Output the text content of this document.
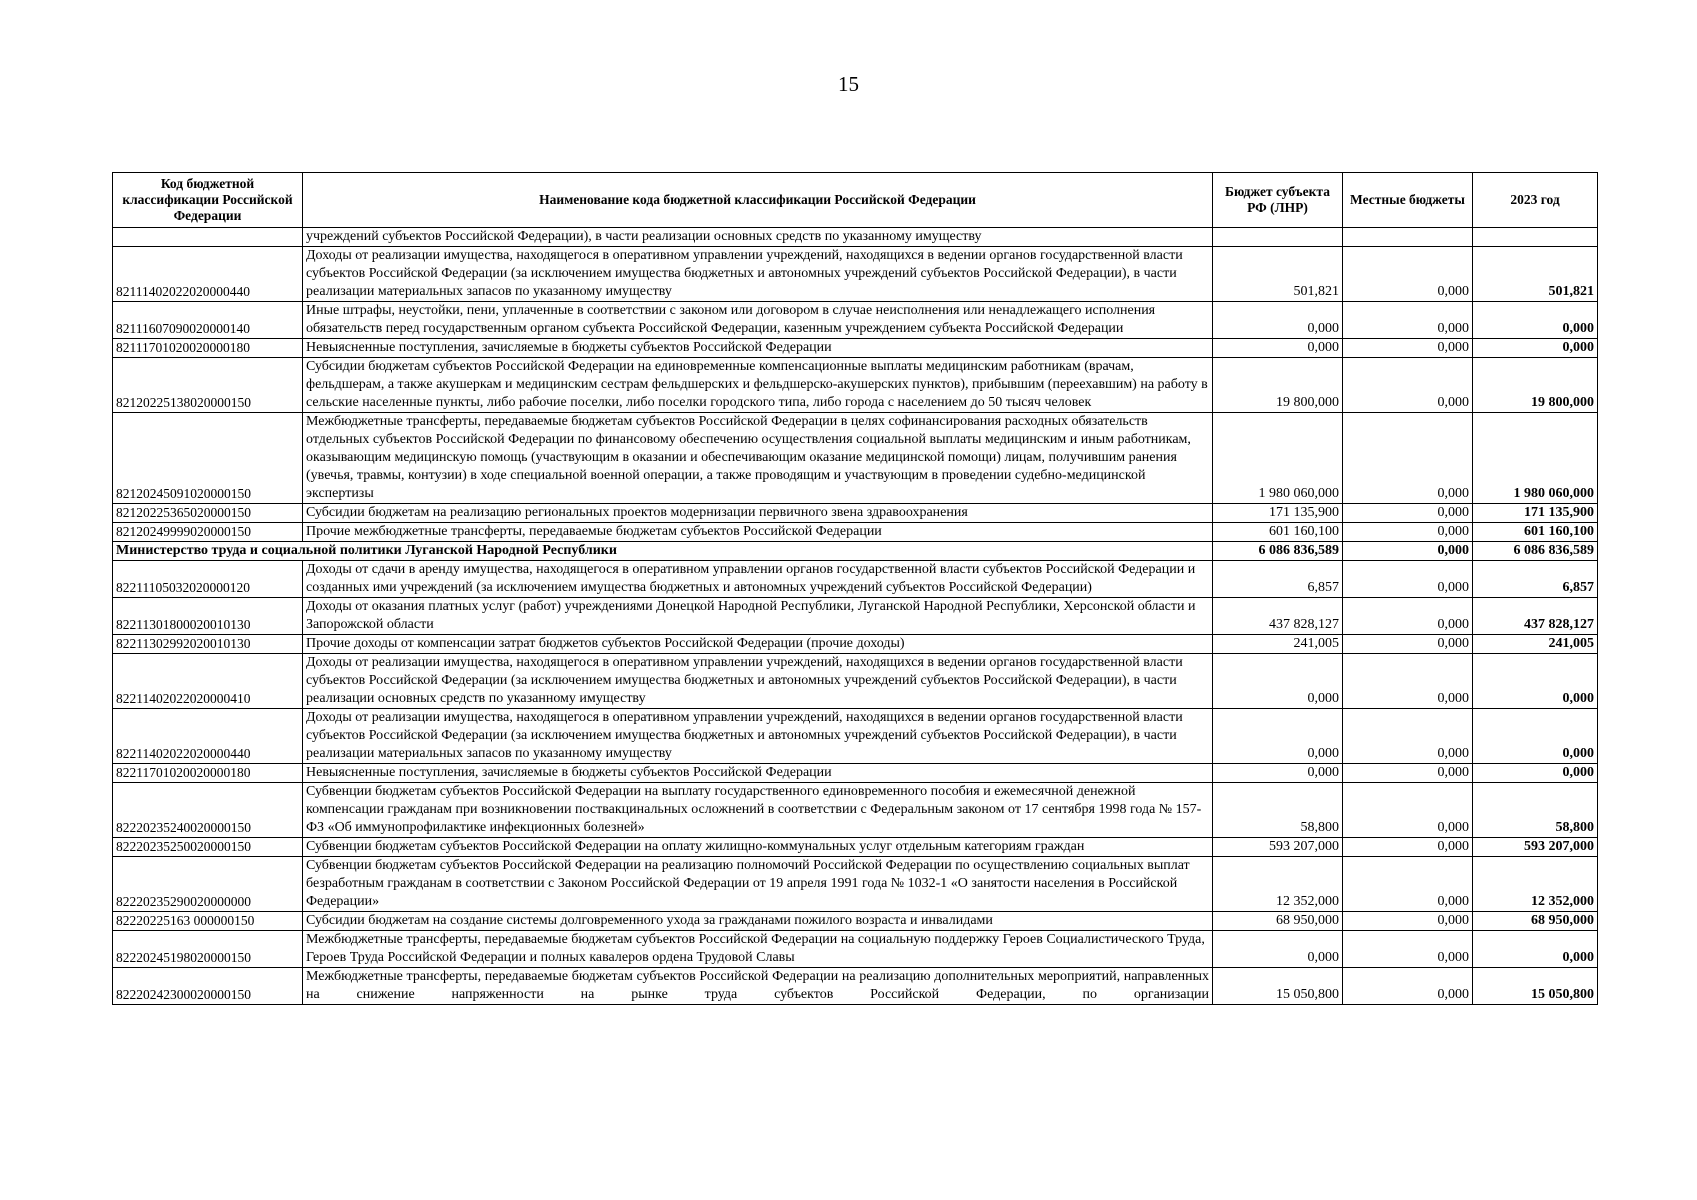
15
Код бюджетной классификации Российской Федерации	Наименование кода бюджетной классификации Российской Федерации	Бюджет субъекта РФ (ЛНР)	Местные бюджеты	2023 год
	учреждений субъектов Российской Федерации), в части реализации основных средств по указанному имуществу			
82111402022020000440	Доходы от реализации имущества, находящегося в оперативном управлении учреждений, находящихся в ведении органов государственной власти субъектов Российской Федерации (за исключением имущества бюджетных и автономных учреждений субъектов Российской Федерации), в части реализации материальных запасов по указанному имуществу	501,821	0,000	501,821
82111607090020000140	Иные штрафы, неустойки, пени, уплаченные в соответствии с законом или договором в случае неисполнения или ненадлежащего исполнения обязательств перед государственным органом субъекта Российской Федерации, казенным учреждением субъекта Российской Федерации	0,000	0,000	0,000
82111701020020000180	Невыясненные поступления, зачисляемые в бюджеты субъектов Российской Федерации	0,000	0,000	0,000
82120225138020000150	Субсидии бюджетам субъектов Российской Федерации на единовременные компенсационные выплаты медицинским работникам (врачам, фельдшерам, а также акушеркам и медицинским сестрам фельдшерских и фельдшерско-акушерских пунктов), прибывшим (переехавшим) на работу в сельские населенные пункты, либо рабочие поселки, либо поселки городского типа, либо города с населением до 50 тысяч человек	19 800,000	0,000	19 800,000
82120245091020000150	Межбюджетные трансферты, передаваемые бюджетам субъектов Российской Федерации в целях софинансирования расходных обязательств отдельных субъектов Российской Федерации по финансовому обеспечению осуществления социальной выплаты медицинским и иным работникам, оказывающим медицинскую помощь (участвующим в оказании и обеспечивающим оказание медицинской помощи) лицам, получившим ранения (увечья, травмы, контузии) в ходе специальной военной операции, а также проводящим и участвующим в проведении судебно-медицинской экспертизы	1 980 060,000	0,000	1 980 060,000
82120225365020000150	Субсидии бюджетам на реализацию региональных проектов модернизации первичного звена здравоохранения	171 135,900	0,000	171 135,900
82120249999020000150	Прочие межбюджетные трансферты, передаваемые бюджетам субъектов Российской Федерации	601 160,100	0,000	601 160,100
Министерство труда и социальной политики Луганской Народной Республики		6 086 836,589	0,000	6 086 836,589
82211105032020000120	Доходы от сдачи в аренду имущества, находящегося в оперативном управлении органов государственной власти субъектов Российской Федерации и созданных ими учреждений (за исключением имущества бюджетных и автономных учреждений субъектов Российской Федерации)	6,857	0,000	6,857
82211301800020010130	Доходы от оказания платных услуг (работ) учреждениями Донецкой Народной Республики, Луганской Народной Республики, Херсонской области и Запорожской области	437 828,127	0,000	437 828,127
82211302992020010130	Прочие доходы от компенсации затрат бюджетов субъектов Российской Федерации (прочие доходы)	241,005	0,000	241,005
82211402022020000410	Доходы от реализации имущества, находящегося в оперативном управлении учреждений, находящихся в ведении органов государственной власти субъектов Российской Федерации (за исключением имущества бюджетных и автономных учреждений субъектов Российской Федерации), в части реализации основных средств по указанному имуществу	0,000	0,000	0,000
82211402022020000440	Доходы от реализации имущества, находящегося в оперативном управлении учреждений, находящихся в ведении органов государственной власти субъектов Российской Федерации (за исключением имущества бюджетных и автономных учреждений субъектов Российской Федерации), в части реализации материальных запасов по указанному имуществу	0,000	0,000	0,000
82211701020020000180	Невыясненные поступления, зачисляемые в бюджеты субъектов Российской Федерации	0,000	0,000	0,000
82220235240020000150	Субвенции бюджетам субъектов Российской Федерации на выплату государственного единовременного пособия и ежемесячной денежной компенсации гражданам при возникновении поствакцинальных осложнений в соответствии с Федеральным законом от 17 сентября 1998 года № 157-ФЗ «Об иммунопрофилактике инфекционных болезней»	58,800	0,000	58,800
82220235250020000150	Субвенции бюджетам субъектов Российской Федерации на оплату жилищно-коммунальных услуг отдельным категориям граждан	593 207,000	0,000	593 207,000
82220235290020000000	Субвенции бюджетам субъектов Российской Федерации на реализацию полномочий Российской Федерации по осуществлению социальных выплат безработным гражданам в соответствии с Законом Российской Федерации от 19 апреля 1991 года № 1032-1 «О занятости населения в Российской Федерации»	12 352,000	0,000	12 352,000
82220225163 000000150	Субсидии бюджетам на создание системы долговременного ухода за гражданами пожилого возраста и инвалидами	68 950,000	0,000	68 950,000
82220245198020000150	Межбюджетные трансферты, передаваемые бюджетам субъектов Российской Федерации на социальную поддержку Героев Социалистического Труда, Героев Труда Российской Федерации и полных кавалеров ордена Трудовой Славы	0,000	0,000	0,000
82220242300020000150	Межбюджетные трансферты, передаваемые бюджетам субъектов Российской Федерации на реализацию дополнительных мероприятий, направленных на снижение напряженности на рынке труда субъектов Российской Федерации, по организации	15 050,800	0,000	15 050,800
